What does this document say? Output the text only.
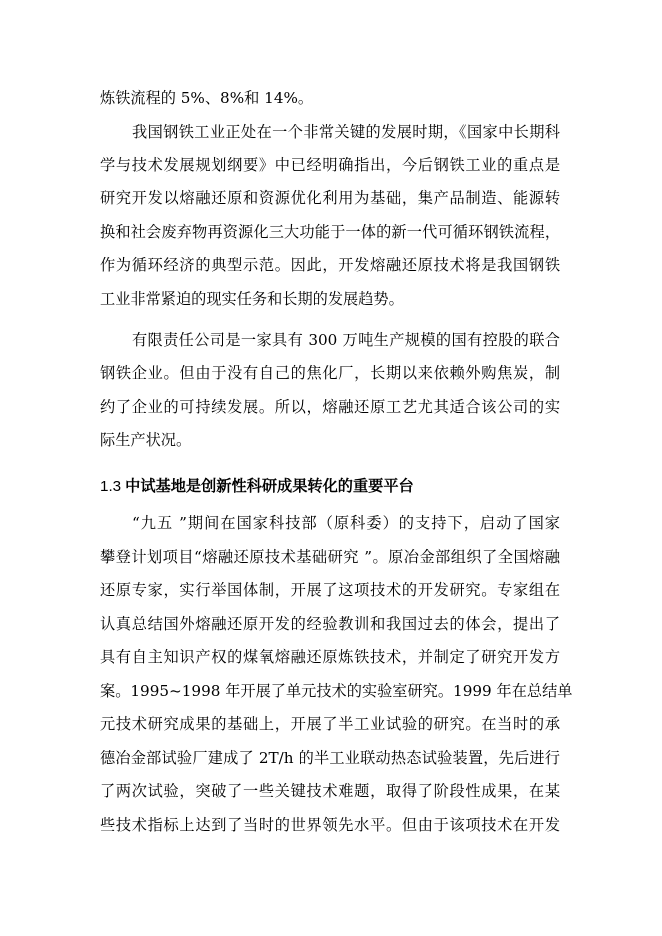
炼铁流程的 5%、8%和 14%。
我国钢铁工业正处在一个非常关键的发展时期，《国家中长期科
学与技术发展规划纲要》中已经明确指出，今后钢铁工业的重点是
研究开发以熔融还原和资源优化利用为基础，集产品制造、能源转
换和社会废弃物再资源化三大功能于一体的新一代可循环钢铁流程，
作为循环经济的典型示范。因此，开发熔融还原技术将是我国钢铁
工业非常紧迫的现实任务和长期的发展趋势。
有限责任公司是一家具有 300 万吨生产规模的国有控股的联合
钢铁企业。但由于没有自己的焦化厂，长期以来依赖外购焦炭，制
约了企业的可持续发展。所以，熔融还原工艺尤其适合该公司的实
际生产状况。
1.3 中试基地是创新性科研成果转化的重要平台
“九五 ”期间在国家科技部（原科委）的支持下，启动了国家
攀登计划项目“熔融还原技术基础研究 ”。原冶金部组织了全国熔融
还原专家，实行举国体制，开展了这项技术的开发研究。专家组在
认真总结国外熔融还原开发的经验教训和我国过去的体会，提出了
具有自主知识产权的煤氧熔融还原炼铁技术，并制定了研究开发方
案。1995~1998 年开展了单元技术的实验室研究。1999 年在总结单
元技术研究成果的基础上，开展了半工业试验的研究。在当时的承
德冶金部试验厂建成了 2T/h 的半工业联动热态试验装置，先后进行
了两次试验，突破了一些关键技术难题，取得了阶段性成果，在某
些技术指标上达到了当时的世界领先水平。但由于该项技术在开发
